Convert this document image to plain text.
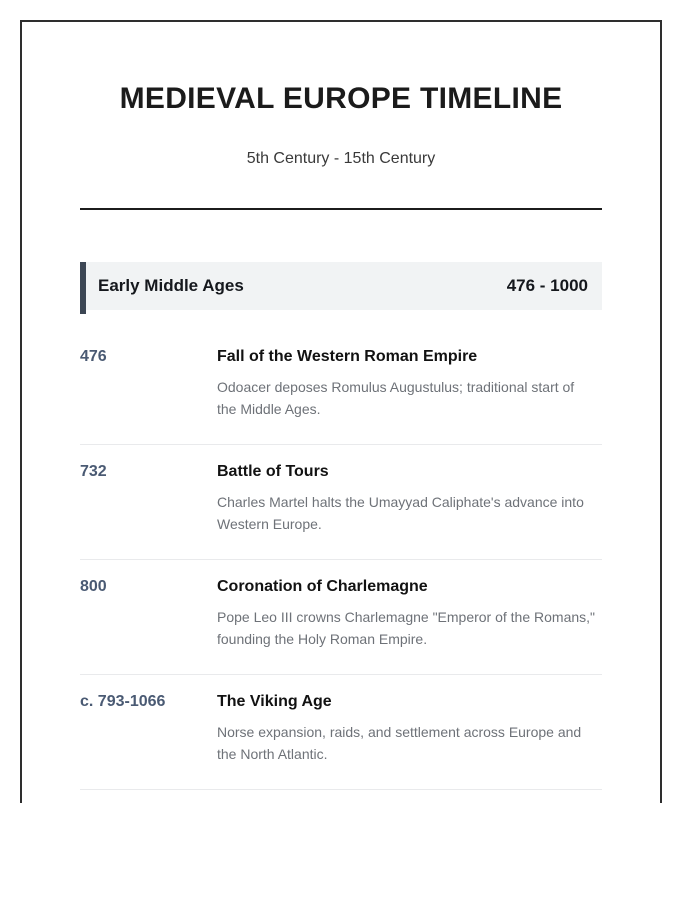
MEDIEVAL EUROPE TIMELINE
5th Century - 15th Century
Early Middle Ages	476 - 1000
476	Fall of the Western Roman Empire
Odoacer deposes Romulus Augustulus; traditional start of the Middle Ages.
732	Battle of Tours
Charles Martel halts the Umayyad Caliphate's advance into Western Europe.
800	Coronation of Charlemagne
Pope Leo III crowns Charlemagne "Emperor of the Romans," founding the Holy Roman Empire.
c. 793-1066	The Viking Age
Norse expansion, raids, and settlement across Europe and the North Atlantic.
